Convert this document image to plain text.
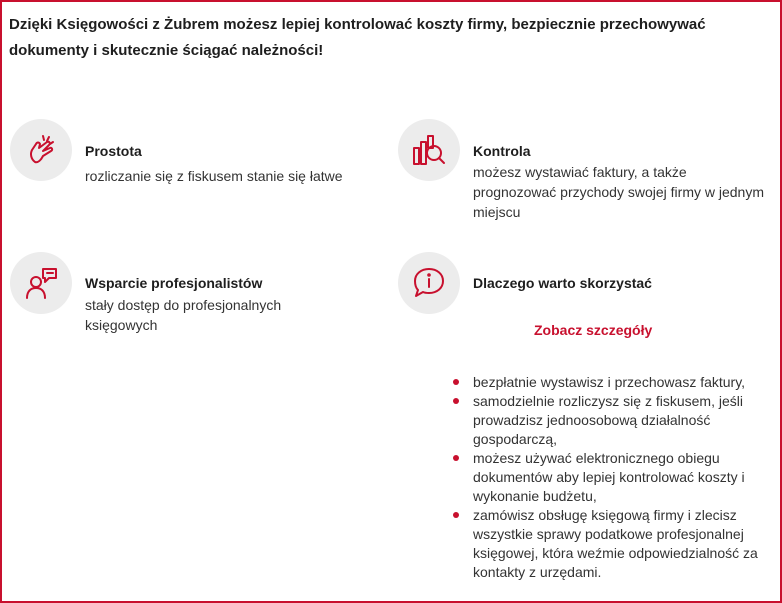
Dzięki Księgowości z Żubrem możesz lepiej kontrolować koszty firmy, bezpiecznie przechowywać dokumenty i skutecznie ściągać należności!

Prostota

rozliczanie się z fiskusem stanie się łatwe

Kontrola

możesz wystawiać faktury, a także prognozować przychody swojej firmy w jednym miejscu

Wsparcie profesjonalistów

stały dostęp do profesjonalnych księgowych

Dlaczego warto skorzystać
Zobacz szczegóły
bezpłatnie wystawisz i przechowasz faktury,
samodzielnie rozliczysz się z fiskusem, jeśli prowadzisz jednoosobową działalność gospodarczą,
możesz używać elektronicznego obiegu dokumentów aby lepiej kontrolować koszty i wykonanie budżetu,
zamówisz obsługę księgową firmy i zlecisz wszystkie sprawy podatkowe profesjonalnej księgowej, która weźmie odpowiedzialność za kontakty z urzędami.
